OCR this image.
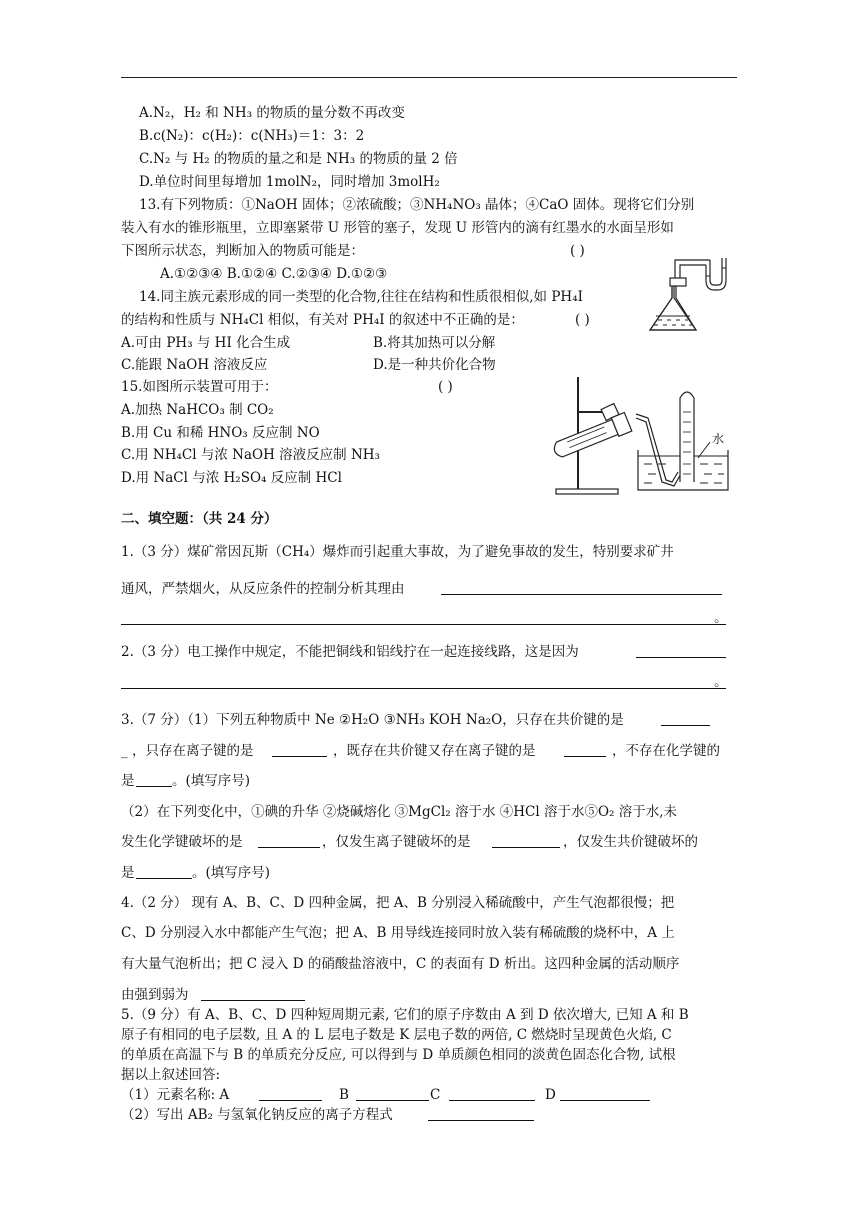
A.N₂，H₂ 和 NH₃ 的物质的量分数不再改变
B.c(N₂)：c(H₂)：c(NH₃)＝1：3：2
C.N₂ 与 H₂ 的物质的量之和是 NH₃ 的物质的量 2 倍
D.单位时间里每增加 1molN₂，同时增加 3molH₂
13.有下列物质：①NaOH 固体；②浓硫酸；③NH₄NO₃ 晶体；④CaO 固体。现将它们分别
装入有水的锥形瓶里，立即塞紧带 U 形管的塞子，发现 U 形管内的滴有红墨水的水面呈形如
下图所示状态，判断加入的物质可能是：	( )
A.①②③④ B.①②④ C.②③④ D.①②③
14.同主族元素形成的同一类型的化合物,往往在结构和性质很相似,如 PH₄I
的结构和性质与 NH₄Cl 相似，有关对 PH₄I 的叙述中不正确的是：	( )
A.可由 PH₃ 与 HI 化合生成	B.将其加热可以分解
C.能跟 NaOH 溶液反应	D.是一种共价化合物
15.如图所示装置可用于：	( )
A.加热 NaHCO₃ 制 CO₂
B.用 Cu 和稀 HNO₃ 反应制 NO
C.用 NH₄Cl 与浓 NaOH 溶液反应制 NH₃
D.用 NaCl 与浓 H₂SO₄ 反应制 HCl
水
二、填空题：（共 24 分）
1.（3 分）煤矿常因瓦斯（CH₄）爆炸而引起重大事故，为了避免事故的发生，特别要求矿井
通风，严禁烟火，从反应条件的控制分析其理由
。
2.（3 分）电工操作中规定，不能把铜线和铝线拧在一起连接线路，这是因为
。
3.（7 分）（1）下列五种物质中 Ne ②H₂O ③NH₃ KOH Na₂O，只存在共价键的是
_ ，只存在离子键的是	，既存在共价键又存在离子键的是	，不存在化学键的
是	。(填写序号)
（2）在下列变化中，①碘的升华 ②烧碱熔化 ③MgCl₂ 溶于水 ④HCl 溶于水⑤O₂ 溶于水,未
发生化学键破坏的是	，仅发生离子键破坏的是	，仅发生共价键破坏的
是	。(填写序号)
4.（2 分） 现有 A、B、C、D 四种金属，把 A、B 分别浸入稀硫酸中，产生气泡都很慢；把
C、D 分别浸入水中都能产生气泡；把 A、B 用导线连接同时放入装有稀硫酸的烧杯中，A 上
有大量气泡析出；把 C 浸入 D 的硝酸盐溶液中，C 的表面有 D 析出。这四种金属的活动顺序
由强到弱为
5.（9 分）有 A、B、C、D 四种短周期元素, 它们的原子序数由 A 到 D 依次增大, 已知 A 和 B
原子有相同的电子层数, 且 A 的 L 层电子数是 K 层电子数的两倍, C 燃烧时呈现黄色火焰, C
的单质在高温下与 B 的单质充分反应, 可以得到与 D 单质颜色相同的淡黄色固态化合物, 试根
据以上叙述回答:
（1）元素名称: A	B	C	D
（2）写出 AB₂ 与氢氧化钠反应的离子方程式
